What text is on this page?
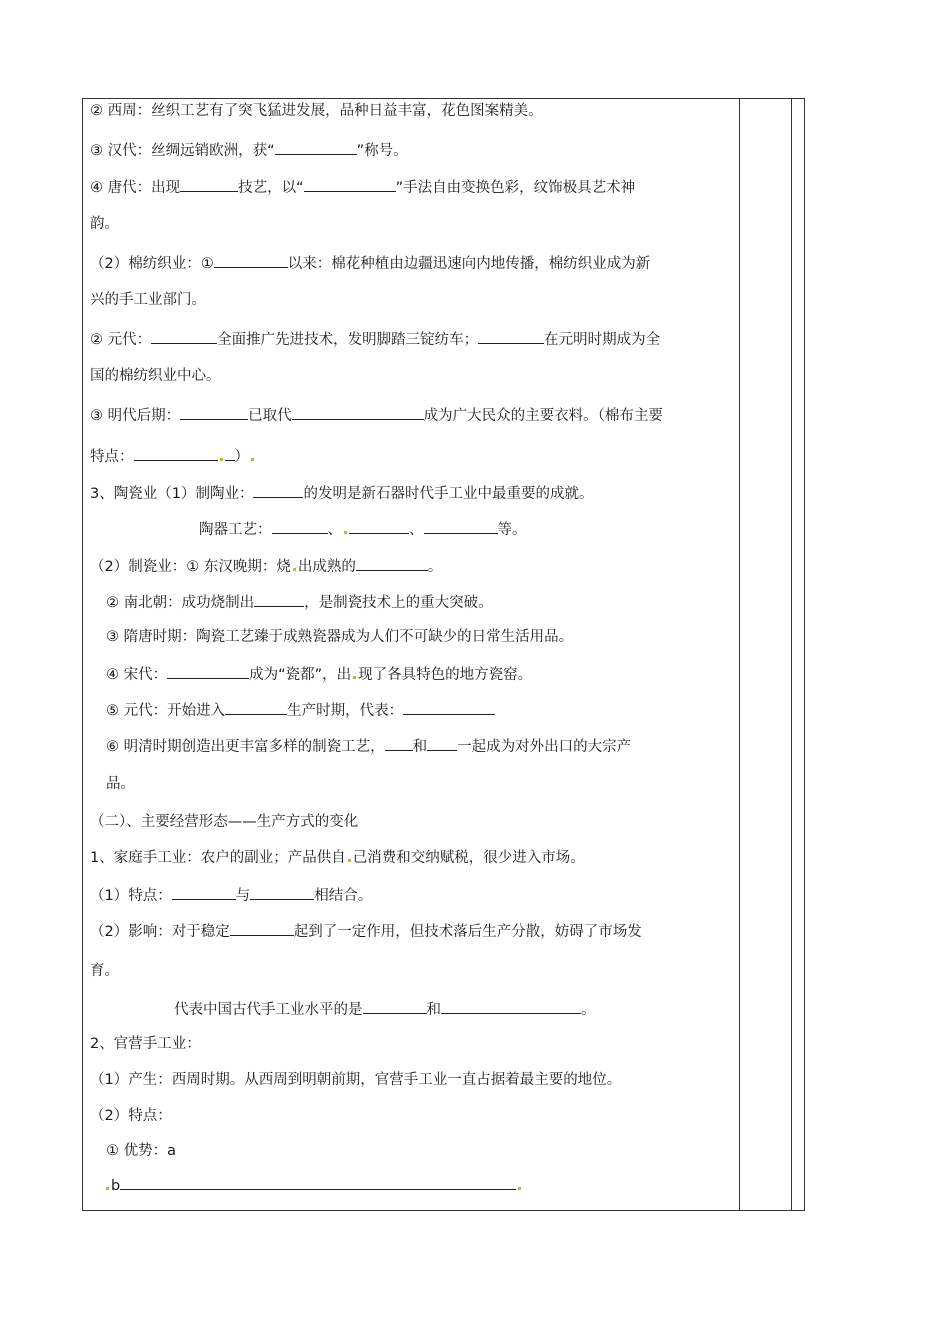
② 西周：丝织工艺有了突飞猛进发展，品种日益丰富，花色图案精美。
③ 汉代：丝绸远销欧洲，获“	”称号。
④ 唐代：出现	技艺，以“	”手法自由变换色彩，纹饰极具艺术神
韵。
（2）棉纺织业：①	以来：棉花种植由边疆迅速向内地传播，棉纺织业成为新
兴的手工业部门。
② 元代：	全面推广先进技术，发明脚踏三锭纺车；	在元明时期成为全
国的棉纺织业中心。
③ 明代后期：	已取代	成为广大民众的主要衣料。（棉布主要
特点：	）
3、陶瓷业（1）制陶业：	的发明是新石器时代手工业中最重要的成就。
陶器工艺：	、	、	等。
（2）制瓷业：① 东汉晚期：烧 出成熟的	。
② 南北朝：成功烧制出	，是制瓷技术上的重大突破。
③ 隋唐时期：陶瓷工艺臻于成熟瓷器成为人们不可缺少的日常生活用品。
④ 宋代：	成为“瓷都”，出 现了各具特色的地方瓷窑。
⑤ 元代：开始进入	生产时期，代表：
⑥ 明清时期创造出更丰富多样的制瓷工艺， 和 一起成为对外出口的大宗产
品。
（二）、主要经营形态——生产方式的变化
1、家庭手工业：农户的副业；产品供自 己消费和交纳赋税，很少进入市场。
（1）特点：	与	相结合。
（2）影响：对于稳定	起到了一定作用，但技术落后生产分散，妨碍了市场发
育。
代表中国古代手工业水平的是	和	。
2、官营手工业：
（1）产生：西周时期。从西周到明朝前期，官营手工业一直占据着最主要的地位。
（2）特点：
① 优势：a
b
